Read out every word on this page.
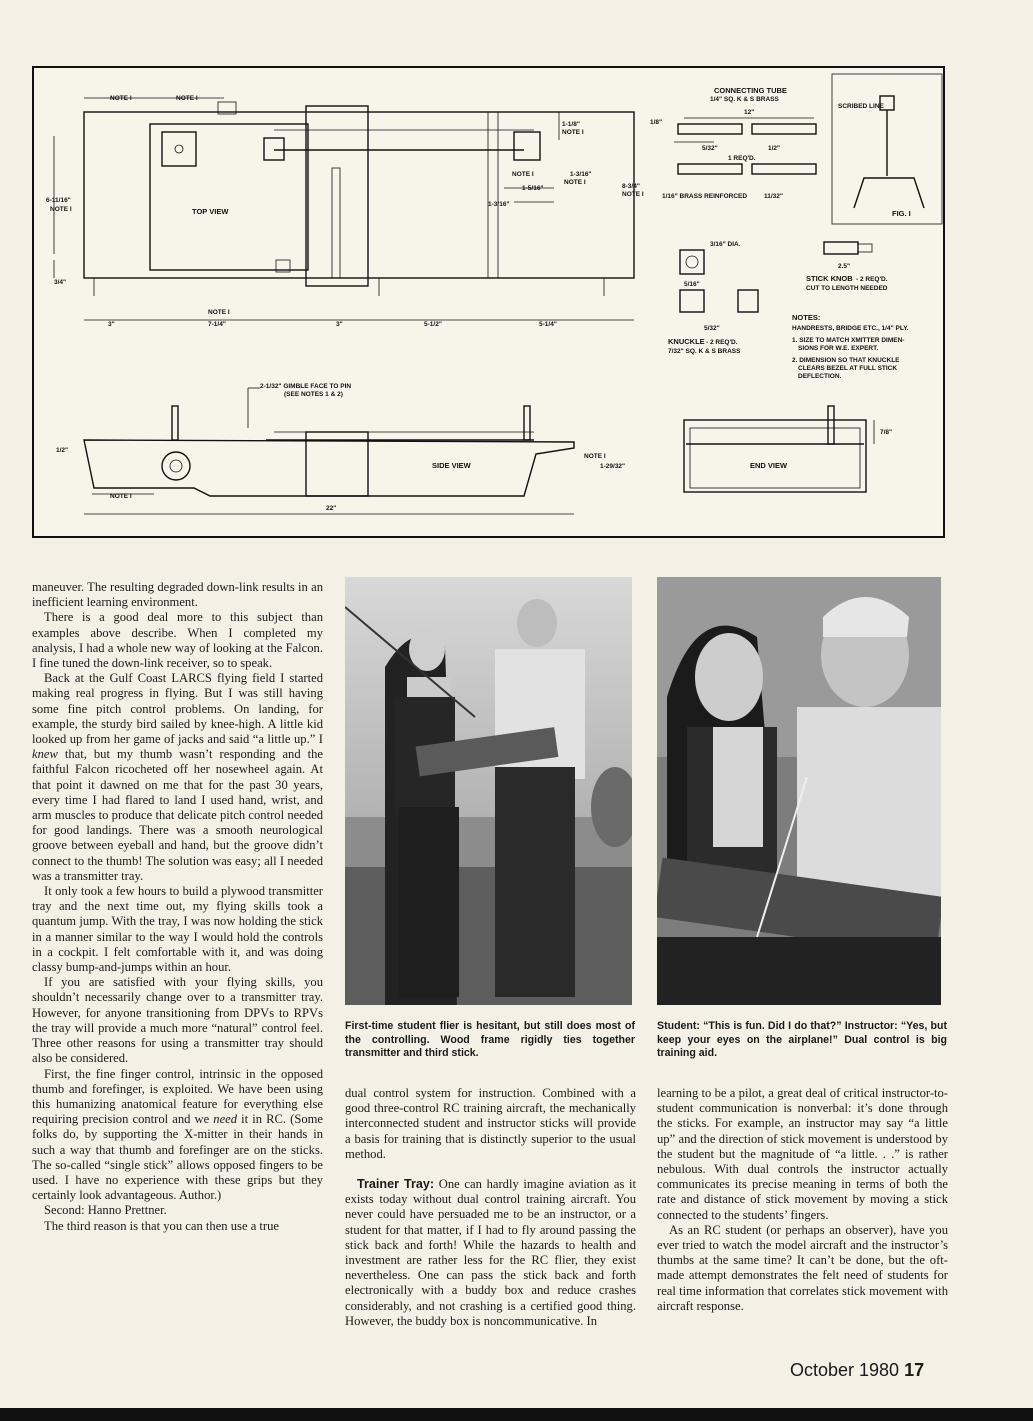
NOTE I	NOTE I
TOP VIEW
6-11/16"
NOTE I
3/4"
3"
NOTE I
7-1/4"	3"	5-1/2"	5-1/4"
1-1/8"
NOTE I
NOTE I	1-3/16"
NOTE I
1-5/16"
1-3/16"
8-3/4"
NOTE I
CONNECTING TUBE
1/4" SQ. K & S BRASS
12"
1/8"
5/32"	1/2"
1 REQ'D.
11/32"
1/16" BRASS REINFORCED
SCRIBED LINE
FIG. I
3/16" DIA.
5/16"
5/32"
KNUCKLE - 2 REQ'D.
7/32" SQ. K & S BRASS
2.5"
STICK KNOB - 2 REQ'D.
CUT TO LENGTH NEEDED
NOTES:
HANDRESTS, BRIDGE ETC., 1/4" PLY.
1. SIZE TO MATCH XMITTER DIMEN-
SIONS FOR W.E. EXPERT.
2. DIMENSION SO THAT KNUCKLE
CLEARS BEZEL AT FULL STICK
DEFLECTION.
2-1/32" GIMBLE FACE TO PIN
(SEE NOTES 1 & 2)
SIDE VIEW
1/2"
NOTE I
22"
NOTE I
1-29/32"	END VIEW
7/8"

maneuver. The resulting degraded down-link results in an inefficient learning environment.

There is a good deal more to this subject than examples above describe. When I completed my analysis, I had a whole new way of looking at the Falcon. I fine tuned the down-link receiver, so to speak.

Back at the Gulf Coast LARCS flying field I started making real progress in flying. But I was still having some fine pitch control problems. On landing, for example, the sturdy bird sailed by knee-high. A little kid looked up from her game of jacks and said “a little up.” I knew that, but my thumb wasn’t responding and the faithful Falcon ricocheted off her nosewheel again. At that point it dawned on me that for the past 30 years, every time I had flared to land I used hand, wrist, and arm muscles to produce that delicate pitch control needed for good landings. There was a smooth neurological groove between eyeball and hand, but the groove didn’t connect to the thumb! The solution was easy; all I needed was a transmitter tray.

It only took a few hours to build a plywood transmitter tray and the next time out, my flying skills took a quantum jump. With the tray, I was now holding the stick in a manner similar to the way I would hold the controls in a cockpit. I felt comfortable with it, and was doing classy bump-and-jumps within an hour.

If you are satisfied with your flying skills, you shouldn’t necessarily change over to a transmitter tray. However, for anyone transitioning from DPVs to RPVs the tray will provide a much more “natural” control feel. Three other reasons for using a transmitter tray should also be considered.

First, the fine finger control, intrinsic in the opposed thumb and forefinger, is exploited. We have been using this humanizing anatomical feature for everything else requiring precision control and we need it in RC. (Some folks do, by supporting the X-mitter in their hands in such a way that thumb and forefinger are on the sticks. The so-called “single stick” allows opposed fingers to be used. I have no experience with these grips but they certainly look advantageous. Author.)

Second: Hanno Prettner.

The third reason is that you can then use a true

First-time student flier is hesitant, but still does most of the controlling. Wood frame rigidly ties together transmitter and third stick.
Student: “This is fun. Did I do that?” Instructor: “Yes, but keep your eyes on the airplane!” Dual control is big training aid.

dual control system for instruction. Combined with a good three-control RC training aircraft, the mechanically interconnected student and instructor sticks will provide a basis for training that is distinctly superior to the usual method.

Trainer Tray: One can hardly imagine aviation as it exists today without dual control training aircraft. You never could have persuaded me to be an instructor, or a student for that matter, if I had to fly around passing the stick back and forth! While the hazards to health and investment are rather less for the RC flier, they exist nevertheless. One can pass the stick back and forth electronically with a buddy box and reduce crashes considerably, and not crashing is a certified good thing. However, the buddy box is noncommunicative. In

learning to be a pilot, a great deal of critical instructor-to-student communication is nonverbal: it’s done through the sticks. For example, an instructor may say “a little up” and the direction of stick movement is understood by the student but the magnitude of “a little. . .” is rather nebulous. With dual controls the instructor actually communicates its precise meaning in terms of both the rate and distance of stick movement by moving a stick connected to the students’ fingers.

As an RC student (or perhaps an observer), have you ever tried to watch the model aircraft and the instructor’s thumbs at the same time? It can’t be done, but the oft-made attempt demonstrates the felt need of students for real time information that correlates stick movement with aircraft response.

October 1980 17
